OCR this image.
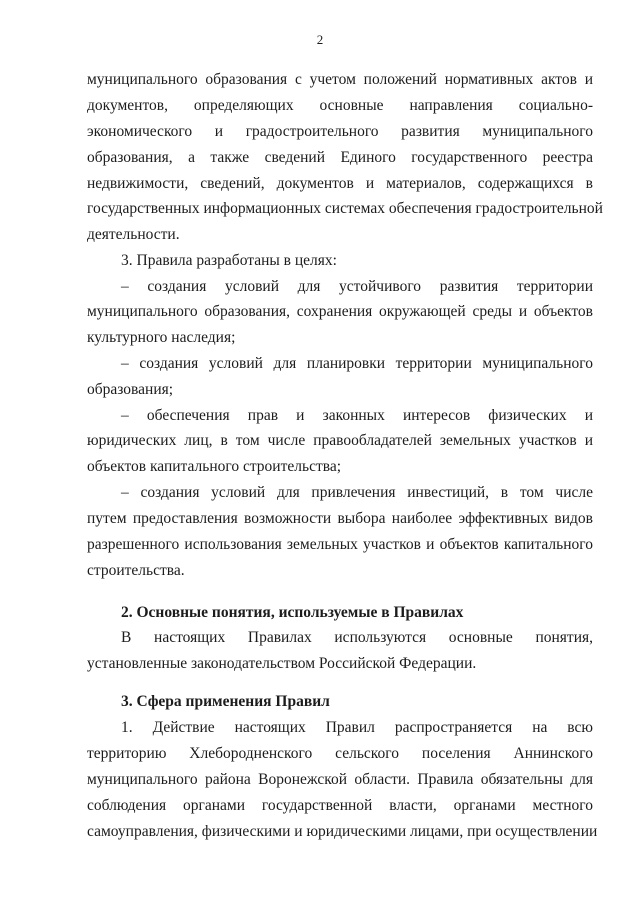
2
муниципального образования с учетом положений нормативных актов и
документов, определяющих основные направления социально-
экономического и градостроительного развития муниципального
образования, а также сведений Единого государственного реестра
недвижимости, сведений, документов и материалов, содержащихся в
государственных информационных системах обеспечения градостроительной
деятельности.
3. Правила разработаны в целях:
– создания условий для устойчивого развития территории
муниципального образования, сохранения окружающей среды и объектов
культурного наследия;
– создания условий для планировки территории муниципального
образования;
– обеспечения прав и законных интересов физических и
юридических лиц, в том числе правообладателей земельных участков и
объектов капитального строительства;
– создания условий для привлечения инвестиций, в том числе
путем предоставления возможности выбора наиболее эффективных видов
разрешенного использования земельных участков и объектов капитального
строительства.
2. Основные понятия, используемые в Правилах
В настоящих Правилах используются основные понятия,
установленные законодательством Российской Федерации.
3. Сфера применения Правил
1. Действие настоящих Правил распространяется на всю
территорию Хлебородненского сельского поселения Аннинского
муниципального района Воронежской области. Правила обязательны для
соблюдения органами государственной власти, органами местного
самоуправления, физическими и юридическими лицами, при осуществлении
